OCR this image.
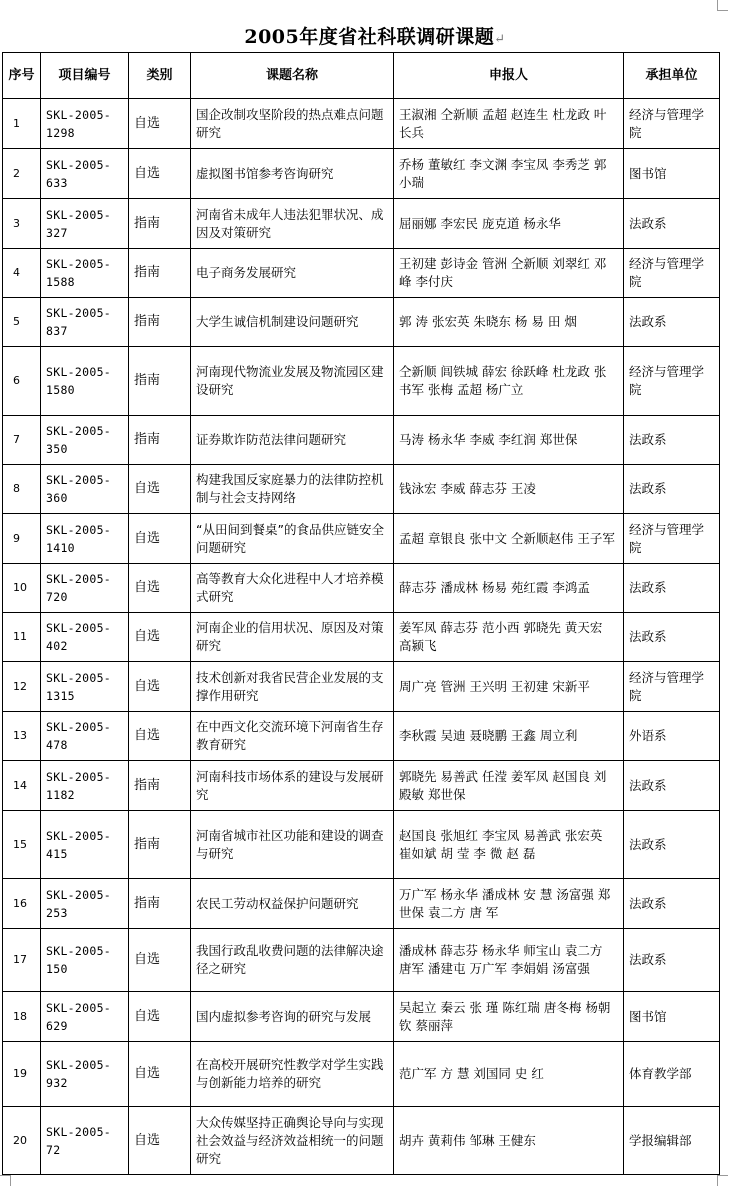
2005年度省社科联调研课题↵
序号	项目编号	类别	课题名称	申报人	承担单位
1	SKL-2005-1298	自选	国企改制攻坚阶段的热点难点问题研究	王淑湘 仝新顺 孟超 赵连生 杜龙政 叶长兵	经济与管理学院
2	SKL-2005-633	自选	虚拟图书馆参考咨询研究	乔杨 董敏红 李文渊 李宝凤 李秀芝 郭小瑞	图书馆
3	SKL-2005-327	指南	河南省未成年人违法犯罪状况、成因及对策研究	屈丽娜 李宏民 庞克道 杨永华	法政系
4	SKL-2005-1588	指南	电子商务发展研究	王初建 彭诗金 管洲 仝新顺 刘翠红 邓峰 李付庆	经济与管理学院
5	SKL-2005-837	指南	大学生诚信机制建设问题研究	郭 涛 张宏英 朱晓东 杨 易 田 烟	法政系
6	SKL-2005-1580	指南	河南现代物流业发展及物流园区建设研究	仝新顺 闾铁城 薛宏 徐跃峰 杜龙政 张书军 张梅 孟超 杨广立	经济与管理学院
7	SKL-2005-350	指南	证券欺诈防范法律问题研究	马涛 杨永华 李威 李红润 郑世保	法政系
8	SKL-2005-360	自选	构建我国反家庭暴力的法律防控机制与社会支持网络	钱泳宏 李威 薛志芬 王凌	法政系
9	SKL-2005-1410	自选	“从田间到餐桌”的食品供应链安全问题研究	孟超 章银良 张中文 仝新顺赵伟 王子军	经济与管理学院
10	SKL-2005-720	自选	高等教育大众化进程中人才培养模式研究	薛志芬 潘成林 杨易 苑红霞 李鸿孟	法政系
11	SKL-2005-402	自选	河南企业的信用状况、原因及对策研究	姜军凤 薛志芬 范小西 郭晓先 黄天宏 高颍飞	法政系
12	SKL-2005-1315	自选	技术创新对我省民营企业发展的支撑作用研究	周广亮 管洲 王兴明 王初建 宋新平	经济与管理学院
13	SKL-2005-478	自选	在中西文化交流环境下河南省生存教育研究	李秋霞 吴迪 聂晓鹏 王鑫 周立利	外语系
14	SKL-2005-1182	指南	河南科技市场体系的建设与发展研究	郭晓先 易善武 任滢 姜军凤 赵国良 刘殿敏 郑世保	法政系
15	SKL-2005-415	指南	河南省城市社区功能和建设的调查与研究	赵国良 张旭红 李宝凤 易善武 张宏英 崔如斌 胡 莹 李 微 赵 磊	法政系
16	SKL-2005-253	指南	农民工劳动权益保护问题研究	万广军 杨永华 潘成林 安 慧 汤富强 郑世保 袁二方 唐 军	法政系
17	SKL-2005-150	自选	我国行政乱收费问题的法律解决途径之研究	潘成林 薛志芬 杨永华 师宝山 袁二方 唐军 潘建屯 万广军 李娟娟 汤富强	法政系
18	SKL-2005-629	自选	国内虚拟参考咨询的研究与发展	吴起立 秦云 张 瑾 陈红瑞 唐冬梅 杨朝钦 蔡丽萍	图书馆
19	SKL-2005-932	自选	在高校开展研究性教学对学生实践与创新能力培养的研究	范广军 方 慧 刘国同 史 红	体育教学部
20	SKL-2005-72	自选	大众传媒坚持正确舆论导向与实现社会效益与经济效益相统一的问题研究	胡卉 黄莉伟 邹琳 王健东	学报编辑部
